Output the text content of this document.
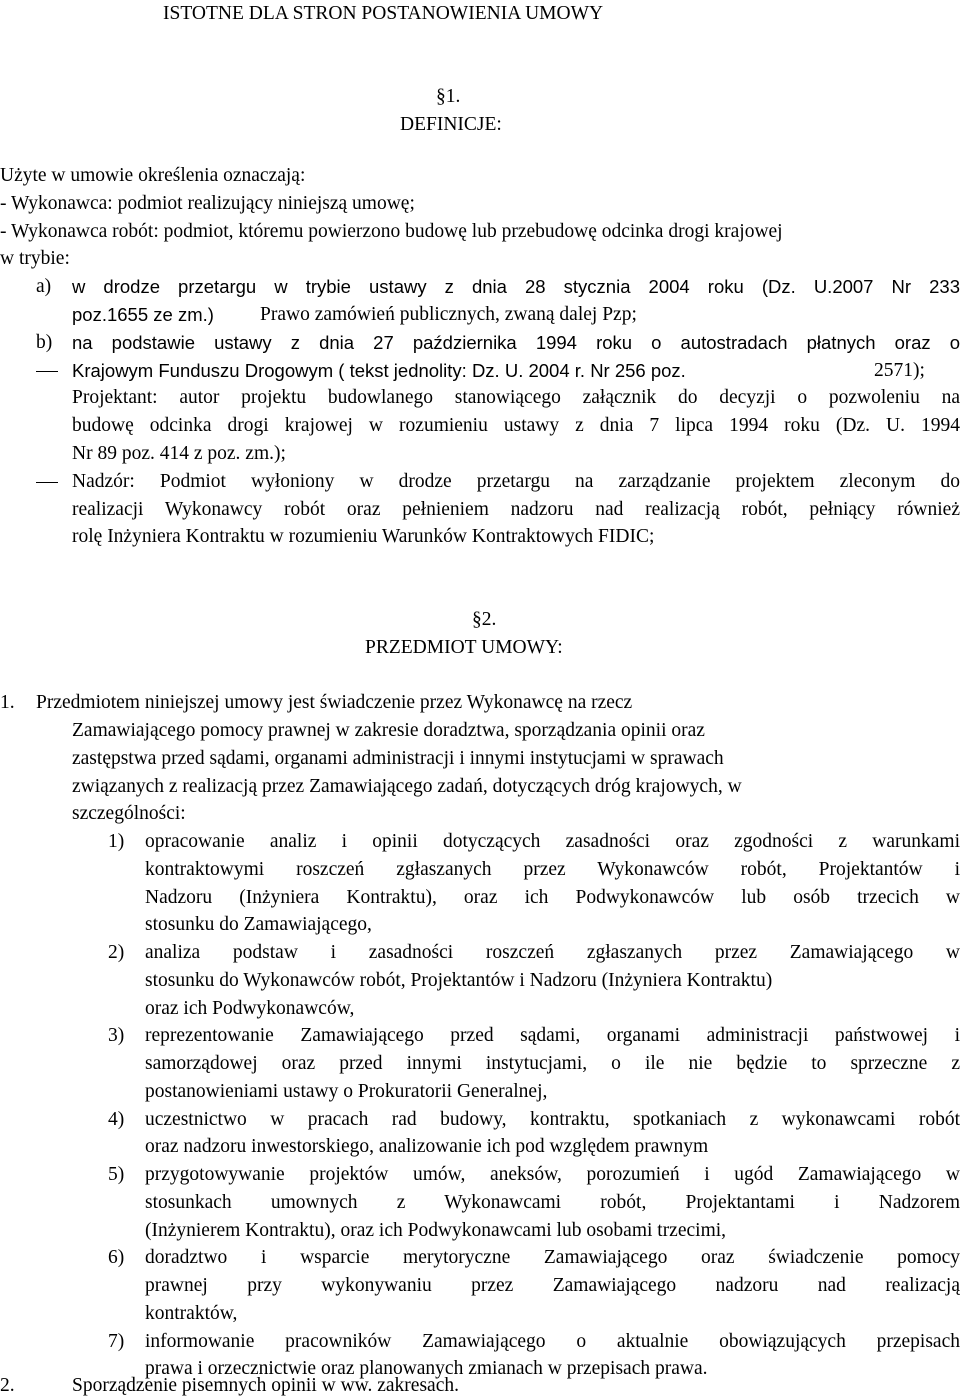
ISTOTNE DLA STRON POSTANOWIENIA UMOWY
§1.
DEFINICJE:
Użyte w umowie określenia oznaczają:
- Wykonawca: podmiot realizujący niniejszą umowę;
- Wykonawca robót: podmiot, któremu powierzono budowę lub przebudowę odcinka drogi krajowej
w trybie:
a) w drodze przetargu w trybie ustawy z dnia 28 stycznia 2004 roku (Dz. U.2007 Nr 233
poz.1655 ze zm.) Prawo zamówień publicznych, zwaną dalej Pzp;
b) na podstawie ustawy z dnia 27 października 1994 roku o autostradach płatnych oraz o
Krajowym Funduszu Drogowym ( tekst jednolity: Dz. U. 2004 r. Nr 256 poz.	2571);
Projektant: autor projektu budowlanego stanowiącego załącznik do decyzji o pozwoleniu na
budowę odcinka drogi krajowej w rozumieniu ustawy z dnia 7 lipca 1994 roku (Dz. U. 1994
Nr 89 poz. 414 z poz. zm.);
Nadzór: Podmiot wyłoniony w drodze przetargu na zarządzanie projektem zleconym do
realizacji Wykonawcy robót oraz pełnieniem nadzoru nad realizacją robót, pełniący również
rolę Inżyniera Kontraktu w rozumieniu Warunków Kontraktowych FIDIC;
§2.
PRZEDMIOT UMOWY:
1. Przedmiotem niniejszej umowy jest świadczenie przez Wykonawcę na rzecz
Zamawiającego pomocy prawnej w zakresie doradztwa, sporządzania opinii oraz
zastępstwa przed sądami, organami administracji i innymi instytucjami w sprawach
związanych z realizacją przez Zamawiającego zadań, dotyczących dróg krajowych, w
szczególności:
1) opracowanie analiz i opinii dotyczących zasadności oraz zgodności z warunkami
kontraktowymi roszczeń zgłaszanych przez Wykonawców robót, Projektantów i
Nadzoru (Inżyniera Kontraktu), oraz ich Podwykonawców lub osób trzecich w
stosunku do Zamawiającego,
2) analiza podstaw i zasadności roszczeń zgłaszanych przez Zamawiającego w
stosunku do Wykonawców robót, Projektantów i Nadzoru (Inżyniera Kontraktu)
oraz ich Podwykonawców,
3) reprezentowanie Zamawiającego przed sądami, organami administracji państwowej i
samorządowej oraz przed innymi instytucjami, o ile nie będzie to sprzeczne z
postanowieniami ustawy o Prokuratorii Generalnej,
4) uczestnictwo w pracach rad budowy, kontraktu, spotkaniach z wykonawcami robót
oraz nadzoru inwestorskiego, analizowanie ich pod względem prawnym
5) przygotowywanie projektów umów, aneksów, porozumień i ugód Zamawiającego w
stosunkach umownych z Wykonawcami robót, Projektantami i Nadzorem
(Inżynierem Kontraktu), oraz ich Podwykonawcami lub osobami trzecimi,
6) doradztwo i wsparcie merytoryczne Zamawiającego oraz świadczenie pomocy
prawnej przy wykonywaniu przez Zamawiającego nadzoru nad realizacją
kontraktów,
7) informowanie pracowników Zamawiającego o aktualnie obowiązujących przepisach
prawa i orzecznictwie oraz planowanych zmianach w przepisach prawa.
2.	Sporządzenie pisemnych opinii w ww. zakresach.
